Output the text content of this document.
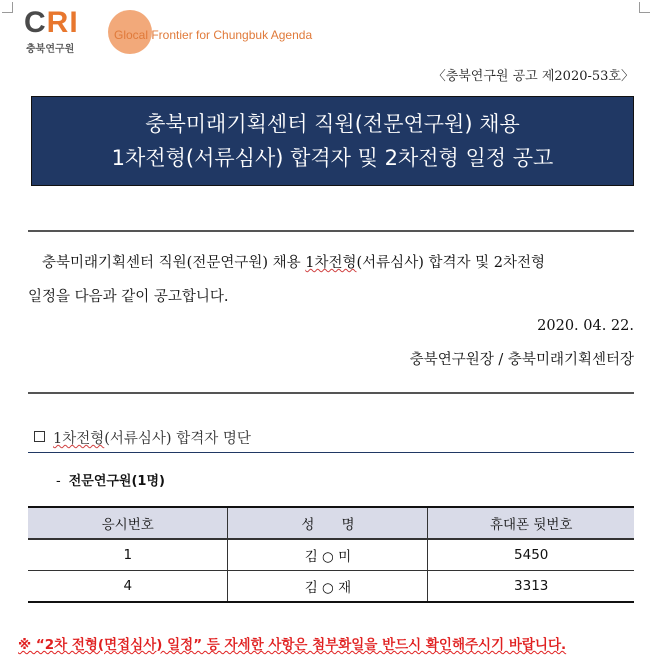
CRI
충북연구원
Glocal Frontier for Chungbuk Agenda
〈충북연구원 공고 제2020-53호〉
충북미래기획센터 직원(전문연구원) 채용
1차전형(서류심사) 합격자 및 2차전형 일정 공고
충북미래기획센터 직원(전문연구원) 채용 1차전형(서류심사) 합격자 및 2차전형
일정을 다음과 같이 공고합니다.
2020. 04. 22.
충북연구원장 / 충북미래기획센터장
1차전형(서류심사) 합격자 명단
- 전문연구원(1명)
응시번호	성　　명	휴대폰 뒷번호
1	김 ○ 미	5450
4	김 ○ 재	3313
※ “2차 전형(면접심사) 일정” 등 자세한 사항은 첨부화일을 반드시 확인해주시기 바랍니다.
